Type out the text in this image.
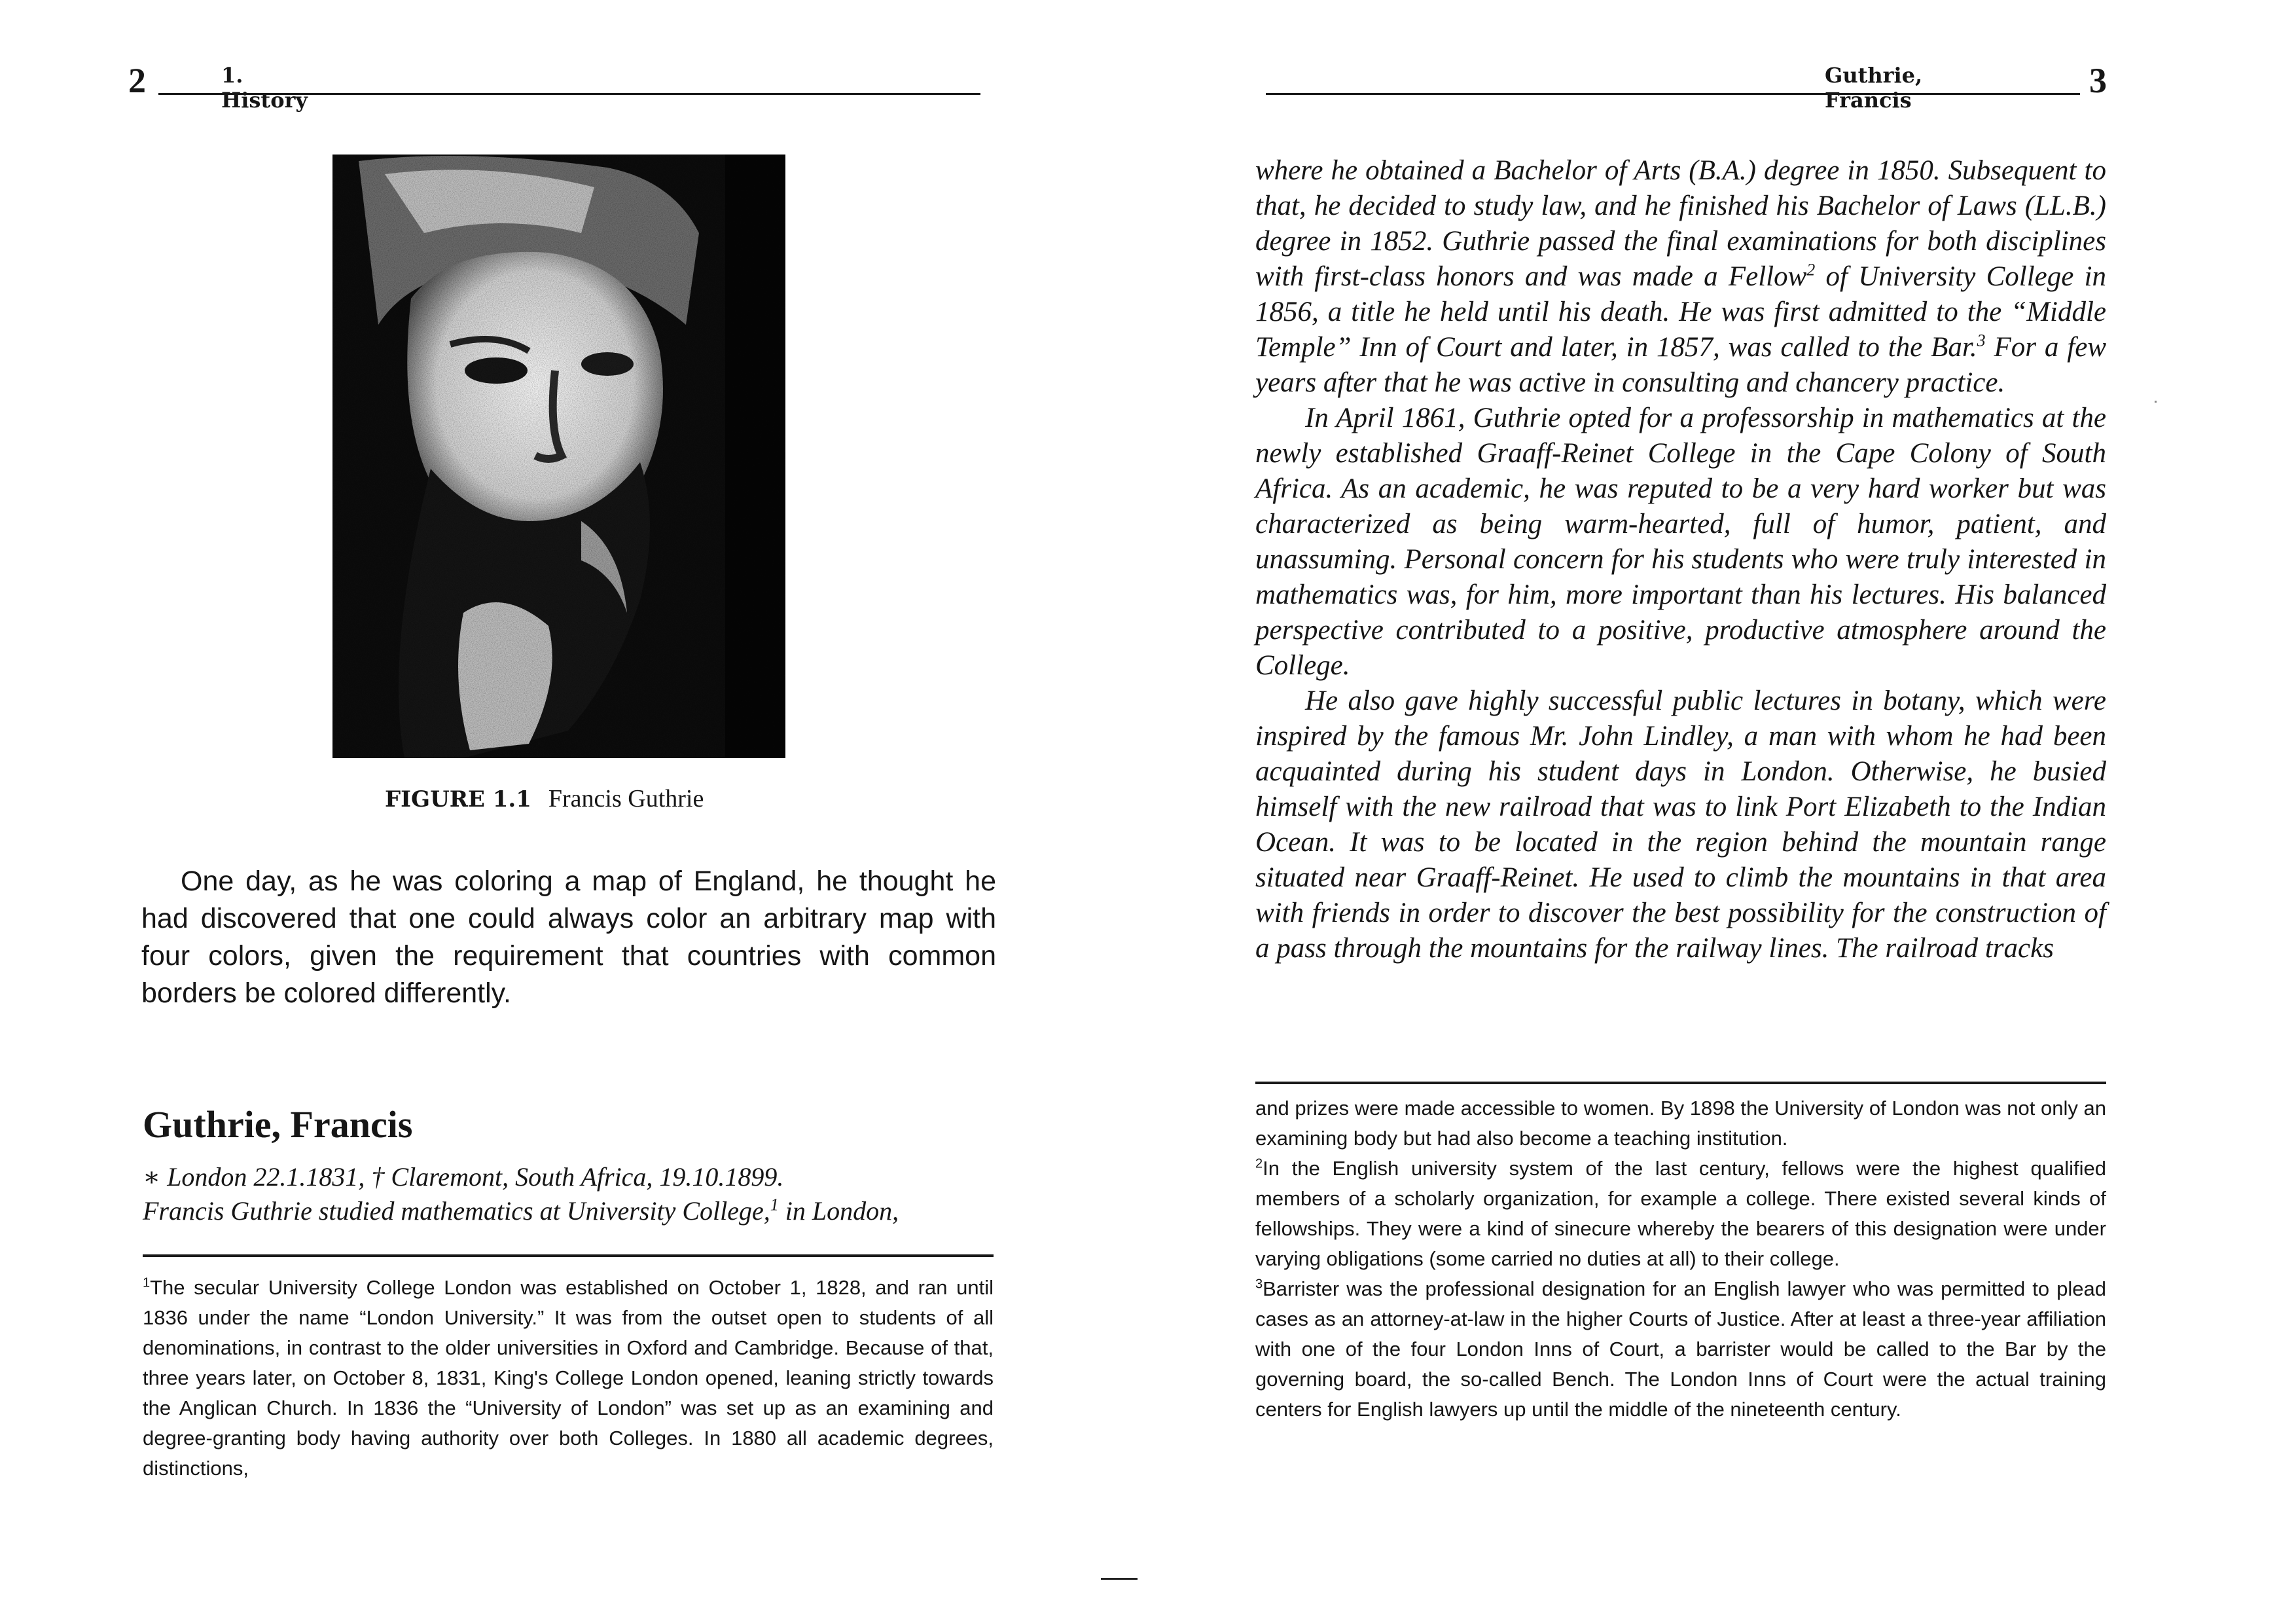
2	1. History
FIGURE 1.1 Francis Guthrie

One day, as he was coloring a map of England, he thought he had discovered that one could always color an arbitrary map with four colors, given the requirement that countries with common borders be colored differently.

Guthrie, Francis

∗ London 22.1.1831, † Claremont, South Africa, 19.10.1899.

Francis Guthrie studied mathematics at University College,$^1$ in London,

$^1$The secular University College London was established on October 1, 1828, and ran until 1836 under the name “London University.” It was from the outset open to students of all denominations, in contrast to the older universities in Oxford and Cambridge. Because of that, three years later, on October 8, 1831, King's College London opened, leaning strictly towards the Anglican Church. In 1836 the “University of London” was set up as an examining and degree-granting body having authority over both Colleges. In 1880 all academic degrees, distinctions,

Guthrie, Francis	3

where he obtained a Bachelor of Arts (B.A.) degree in 1850. Subsequent to that, he decided to study law, and he finished his Bachelor of Laws (LL.B.) degree in 1852. Guthrie passed the final examinations for both disciplines with first-class honors and was made a Fellow$^2$ of University College in 1856, a title he held until his death. He was first admitted to the “Middle Temple” Inn of Court and later, in 1857, was called to the Bar.$^3$ For a few years after that he was active in consulting and chancery practice.

In April 1861, Guthrie opted for a professorship in mathematics at the newly established Graaff-Reinet College in the Cape Colony of South Africa. As an academic, he was reputed to be a very hard worker but was characterized as being warm-hearted, full of humor, patient, and unassuming. Personal concern for his students who were truly interested in mathematics was, for him, more important than his lectures. His balanced perspective contributed to a positive, productive atmosphere around the College.

He also gave highly successful public lectures in botany, which were inspired by the famous Mr. John Lindley, a man with whom he had been acquainted during his student days in London. Otherwise, he busied himself with the new railroad that was to link Port Elizabeth to the Indian Ocean. It was to be located in the region behind the mountain range situated near Graaff-Reinet. He used to climb the mountains in that area with friends in order to discover the best possibility for the construction of a pass through the mountains for the railway lines. The railroad tracks

and prizes were made accessible to women. By 1898 the University of London was not only an examining body but had also become a teaching institution.

$^2$In the English university system of the last century, fellows were the highest qualified members of a scholarly organization, for example a college. There existed several kinds of fellowships. They were a kind of sinecure whereby the bearers of this designation were under varying obligations (some carried no duties at all) to their college.

$^3$Barrister was the professional designation for an English lawyer who was permitted to plead cases as an attorney-at-law in the higher Courts of Justice. After at least a three-year affiliation with one of the four London Inns of Court, a barrister would be called to the Bar by the governing board, the so-called Bench. The London Inns of Court were the actual training centers for English lawyers up until the middle of the nineteenth century.
